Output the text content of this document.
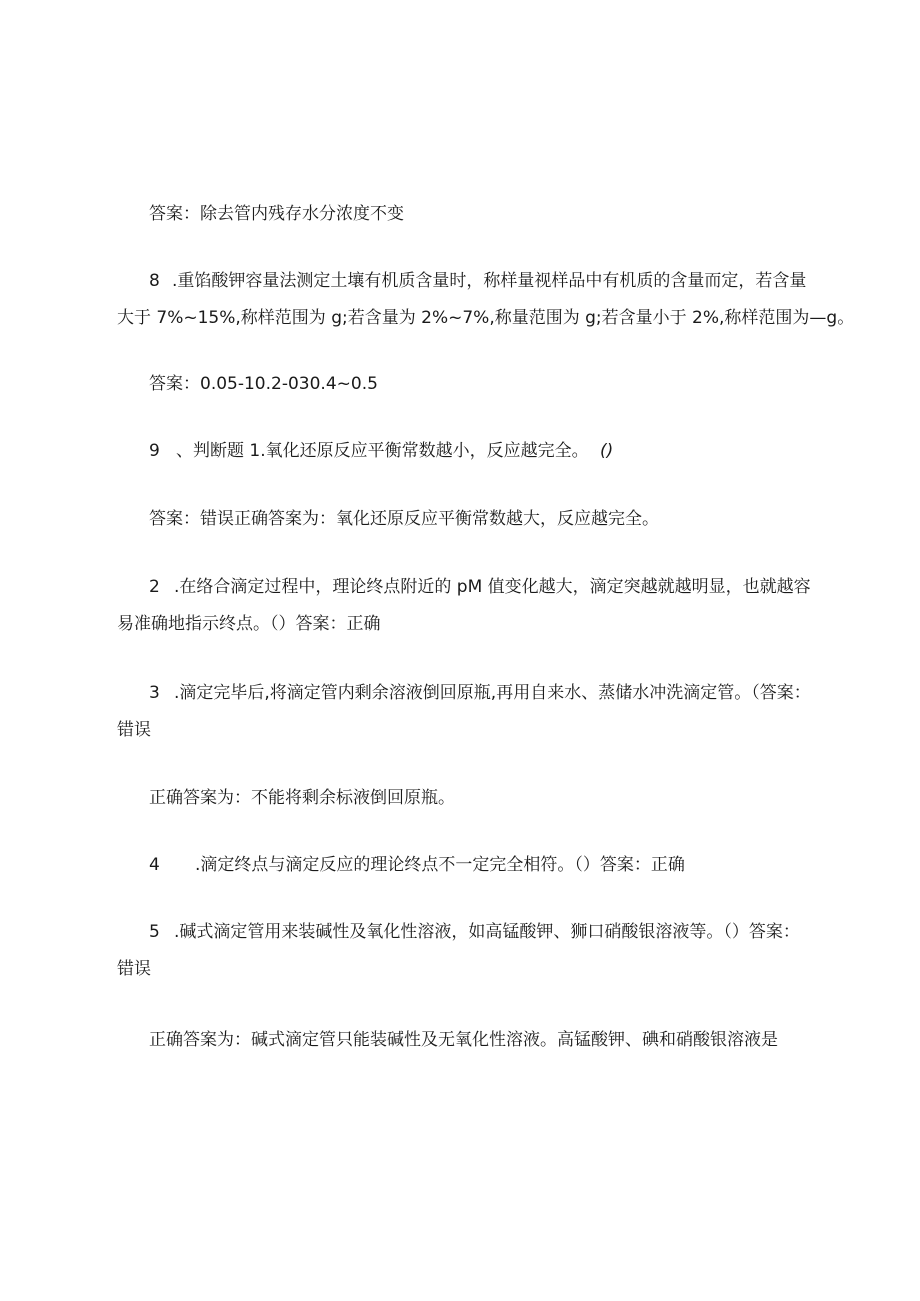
答案：除去管内残存水分浓度不变
8 .重馅酸钾容量法测定土壤有机质含量时，称样量视样品中有机质的含量而定，若含量
大于 7%~15%,称样范围为 g;若含量为 2%~7%,称量范围为 g;若含量小于 2%,称样范围为—g。
答案：0.05-10.2-030.4~0.5
9 、判断题 1.氧化还原反应平衡常数越小，反应越完全。 ()
答案：错误正确答案为：氧化还原反应平衡常数越大，反应越完全。
2 .在络合滴定过程中，理论终点附近的 pM 值变化越大，滴定突越就越明显，也就越容
易准确地指示终点。（）答案：正确
3 .滴定完毕后,将滴定管内剩余溶液倒回原瓶,再用自来水、蒸储水冲洗滴定管。（答案：
错误
正确答案为：不能将剩余标液倒回原瓶。
4 .滴定终点与滴定反应的理论终点不一定完全相符。（）答案：正确
5 .碱式滴定管用来装碱性及氧化性溶液，如高锰酸钾、狮口硝酸银溶液等。（）答案：
错误
正确答案为：碱式滴定管只能装碱性及无氧化性溶液。高锰酸钾、碘和硝酸银溶液是
